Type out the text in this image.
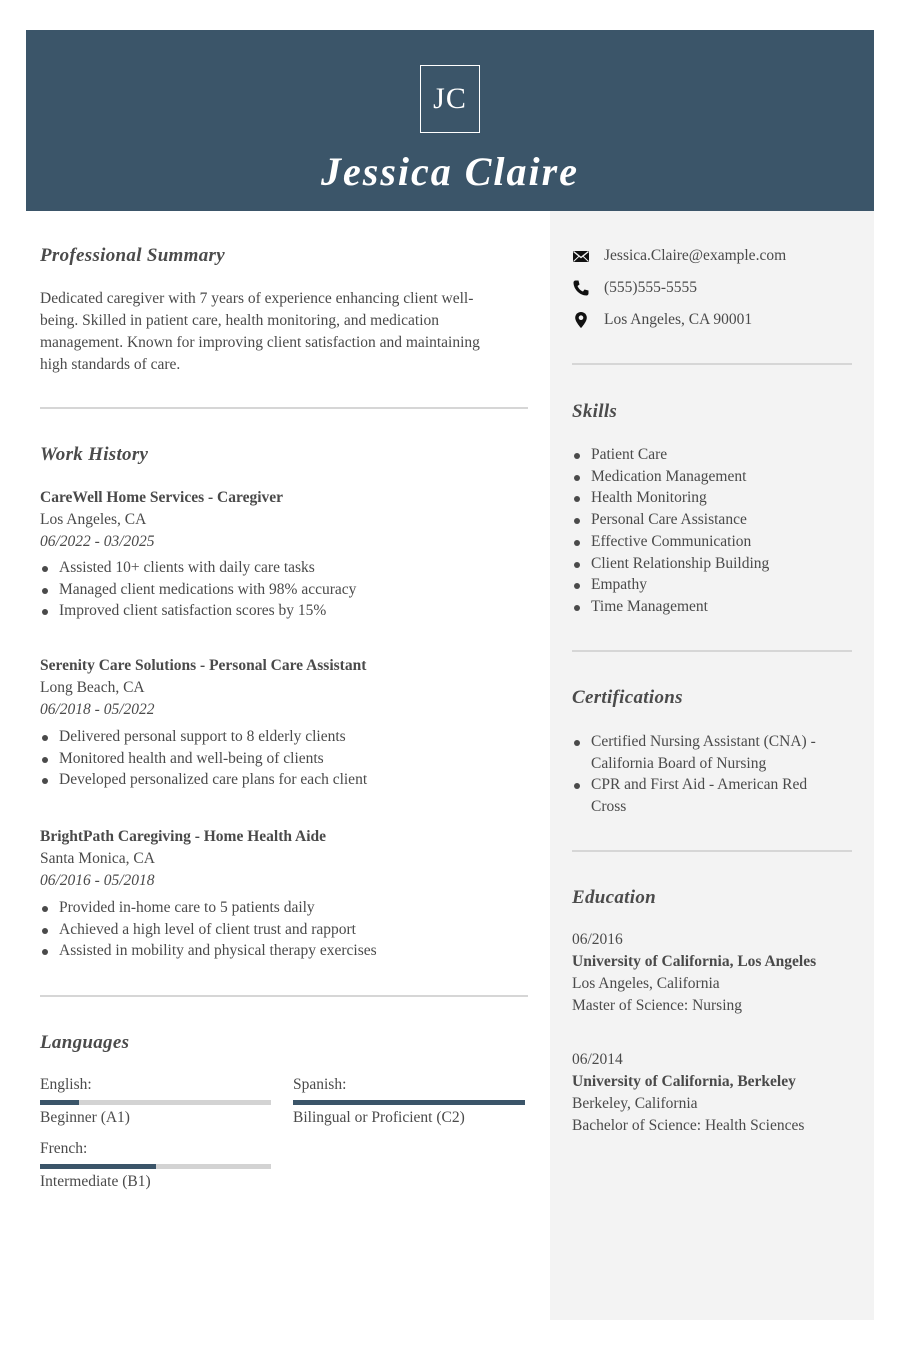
JC
Jessica Claire
Professional Summary
Dedicated caregiver with 7 years of experience enhancing client well-
being. Skilled in patient care, health monitoring, and medication
management. Known for improving client satisfaction and maintaining
high standards of care.
Work History
CareWell Home Services - Caregiver
Los Angeles, CA
06/2022 - 03/2025
Assisted 10+ clients with daily care tasks
Managed client medications with 98% accuracy
Improved client satisfaction scores by 15%
Serenity Care Solutions - Personal Care Assistant
Long Beach, CA
06/2018 - 05/2022
Delivered personal support to 8 elderly clients
Monitored health and well-being of clients
Developed personalized care plans for each client
BrightPath Caregiving - Home Health Aide
Santa Monica, CA
06/2016 - 05/2018
Provided in-home care to 5 patients daily
Achieved a high level of client trust and rapport
Assisted in mobility and physical therapy exercises
Languages
English:
Beginner (A1)
Spanish:
Bilingual or Proficient (C2)
French:
Intermediate (B1)
Jessica.Claire@example.com
(555)555-5555
Los Angeles, CA 90001
Skills
Patient Care
Medication Management
Health Monitoring
Personal Care Assistance
Effective Communication
Client Relationship Building
Empathy
Time Management
Certifications
Certified Nursing Assistant (CNA) -
California Board of Nursing
CPR and First Aid - American Red
Cross
Education
06/2016
University of California, Los Angeles
Los Angeles, California
Master of Science: Nursing
06/2014
University of California, Berkeley
Berkeley, California
Bachelor of Science: Health Sciences
